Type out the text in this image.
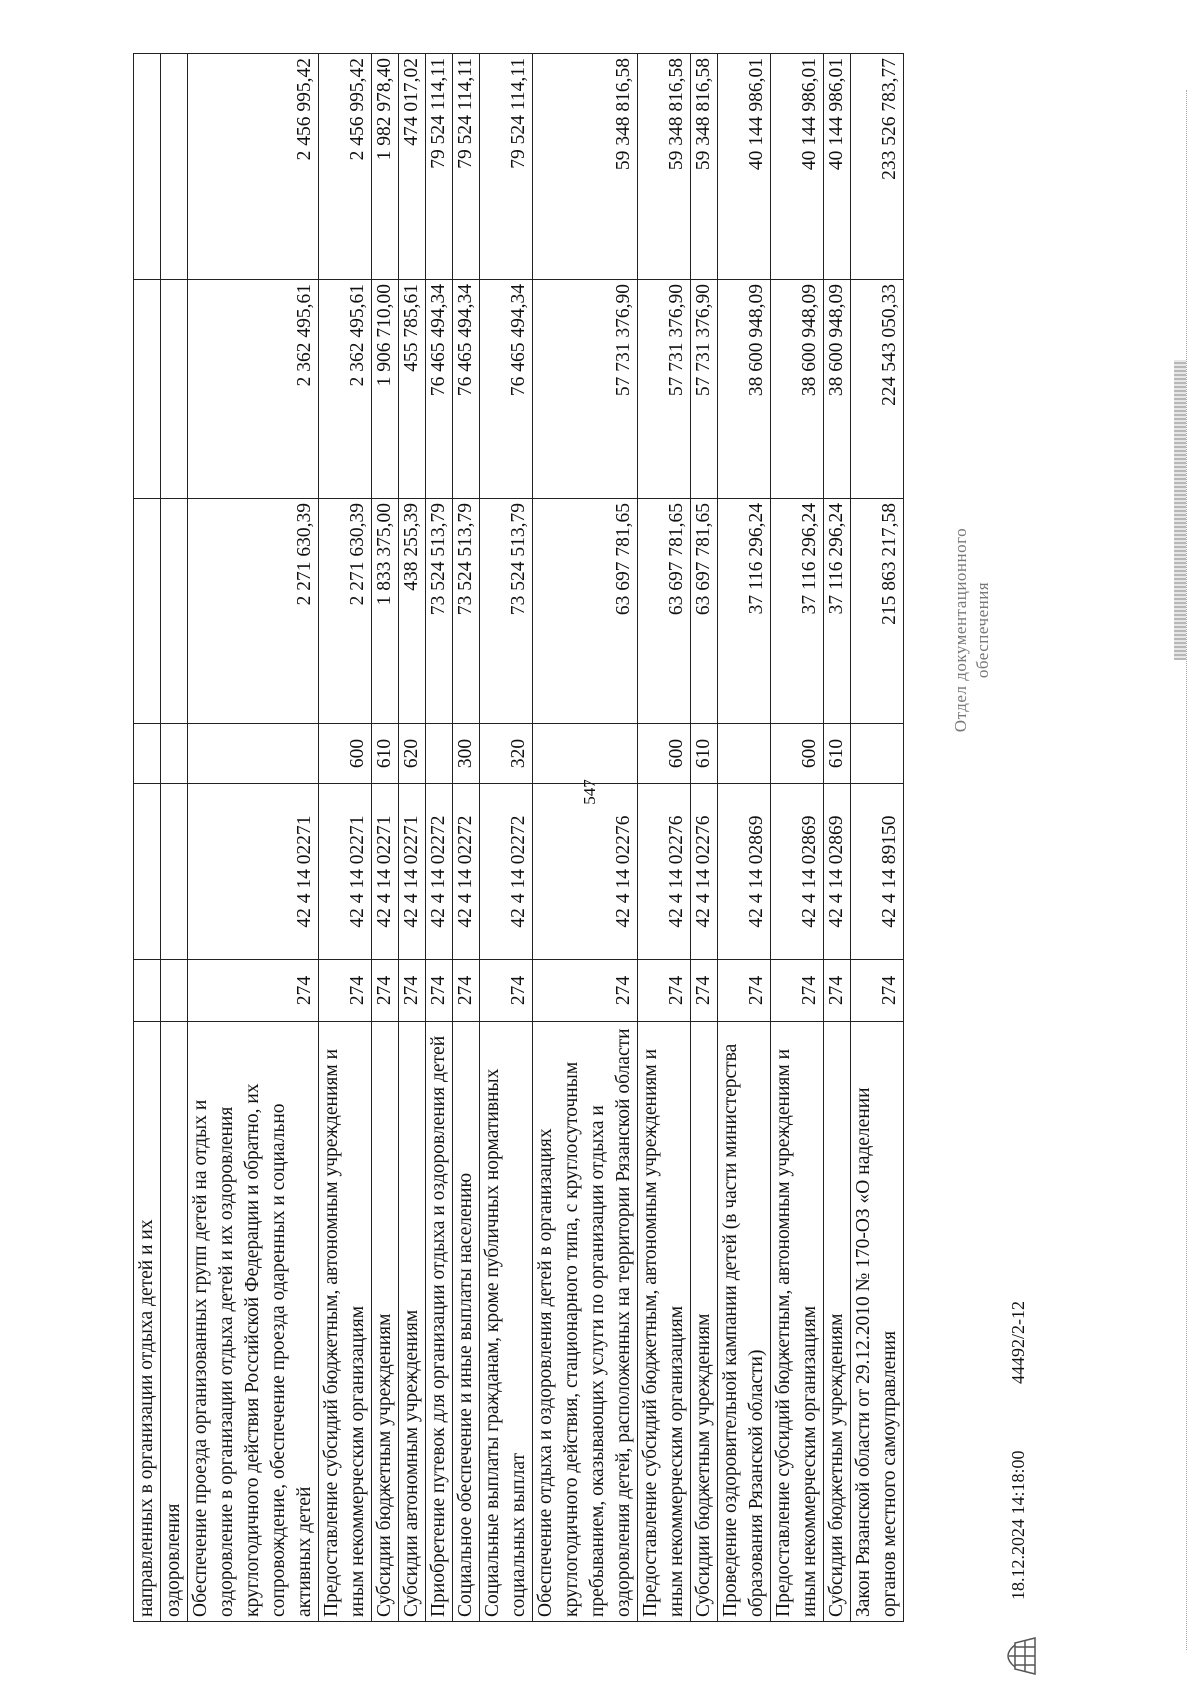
547
направленных в организации отдыха детей и их						
оздоровления						
Обеспечение проезда организованных групп детей на отдых и оздоровление в организации отдыха детей и их оздоровления круглогодичного действия Российской Федерации и обратно, их сопровождение, обеспечение проезда одаренных и социально активных детей	274	42 4 14 02271		2 271 630,39	2 362 495,61	2 456 995,42
Предоставление субсидий бюджетным, автономным учреждениям и иным некоммерческим организациям	274	42 4 14 02271	600	2 271 630,39	2 362 495,61	2 456 995,42
Субсидии бюджетным учреждениям	274	42 4 14 02271	610	1 833 375,00	1 906 710,00	1 982 978,40
Субсидии автономным учреждениям	274	42 4 14 02271	620	438 255,39	455 785,61	474 017,02
Приобретение путевок для организации отдыха и оздоровления детей	274	42 4 14 02272		73 524 513,79	76 465 494,34	79 524 114,11
Социальное обеспечение и иные выплаты населению	274	42 4 14 02272	300	73 524 513,79	76 465 494,34	79 524 114,11
Социальные выплаты гражданам, кроме публичных нормативных социальных выплат	274	42 4 14 02272	320	73 524 513,79	76 465 494,34	79 524 114,11
Обеспечение отдыха и оздоровления детей в организациях круглогодичного действия, стационарного типа, с круглосуточным пребыванием, оказывающих услуги по организации отдыха и оздоровления детей, расположенных на территории Рязанской области	274	42 4 14 02276		63 697 781,65	57 731 376,90	59 348 816,58
Предоставление субсидий бюджетным, автономным учреждениям и иным некоммерческим организациям	274	42 4 14 02276	600	63 697 781,65	57 731 376,90	59 348 816,58
Субсидии бюджетным учреждениям	274	42 4 14 02276	610	63 697 781,65	57 731 376,90	59 348 816,58
Проведение оздоровительной кампании детей (в части министерства образования Рязанской области)	274	42 4 14 02869		37 116 296,24	38 600 948,09	40 144 986,01
Предоставление субсидий бюджетным, автономным учреждениям и иным некоммерческим организациям	274	42 4 14 02869	600	37 116 296,24	38 600 948,09	40 144 986,01
Субсидии бюджетным учреждениям	274	42 4 14 02869	610	37 116 296,24	38 600 948,09	40 144 986,01
Закон Рязанской области от 29.12.2010 № 170-ОЗ «О наделении органов местного самоуправления	274	42 4 14 89150		215 863 217,58	224 543 050,33	233 526 783,77
Отдел документационного обеспечения
18.12.2024 14:18:00 44492/2-12
